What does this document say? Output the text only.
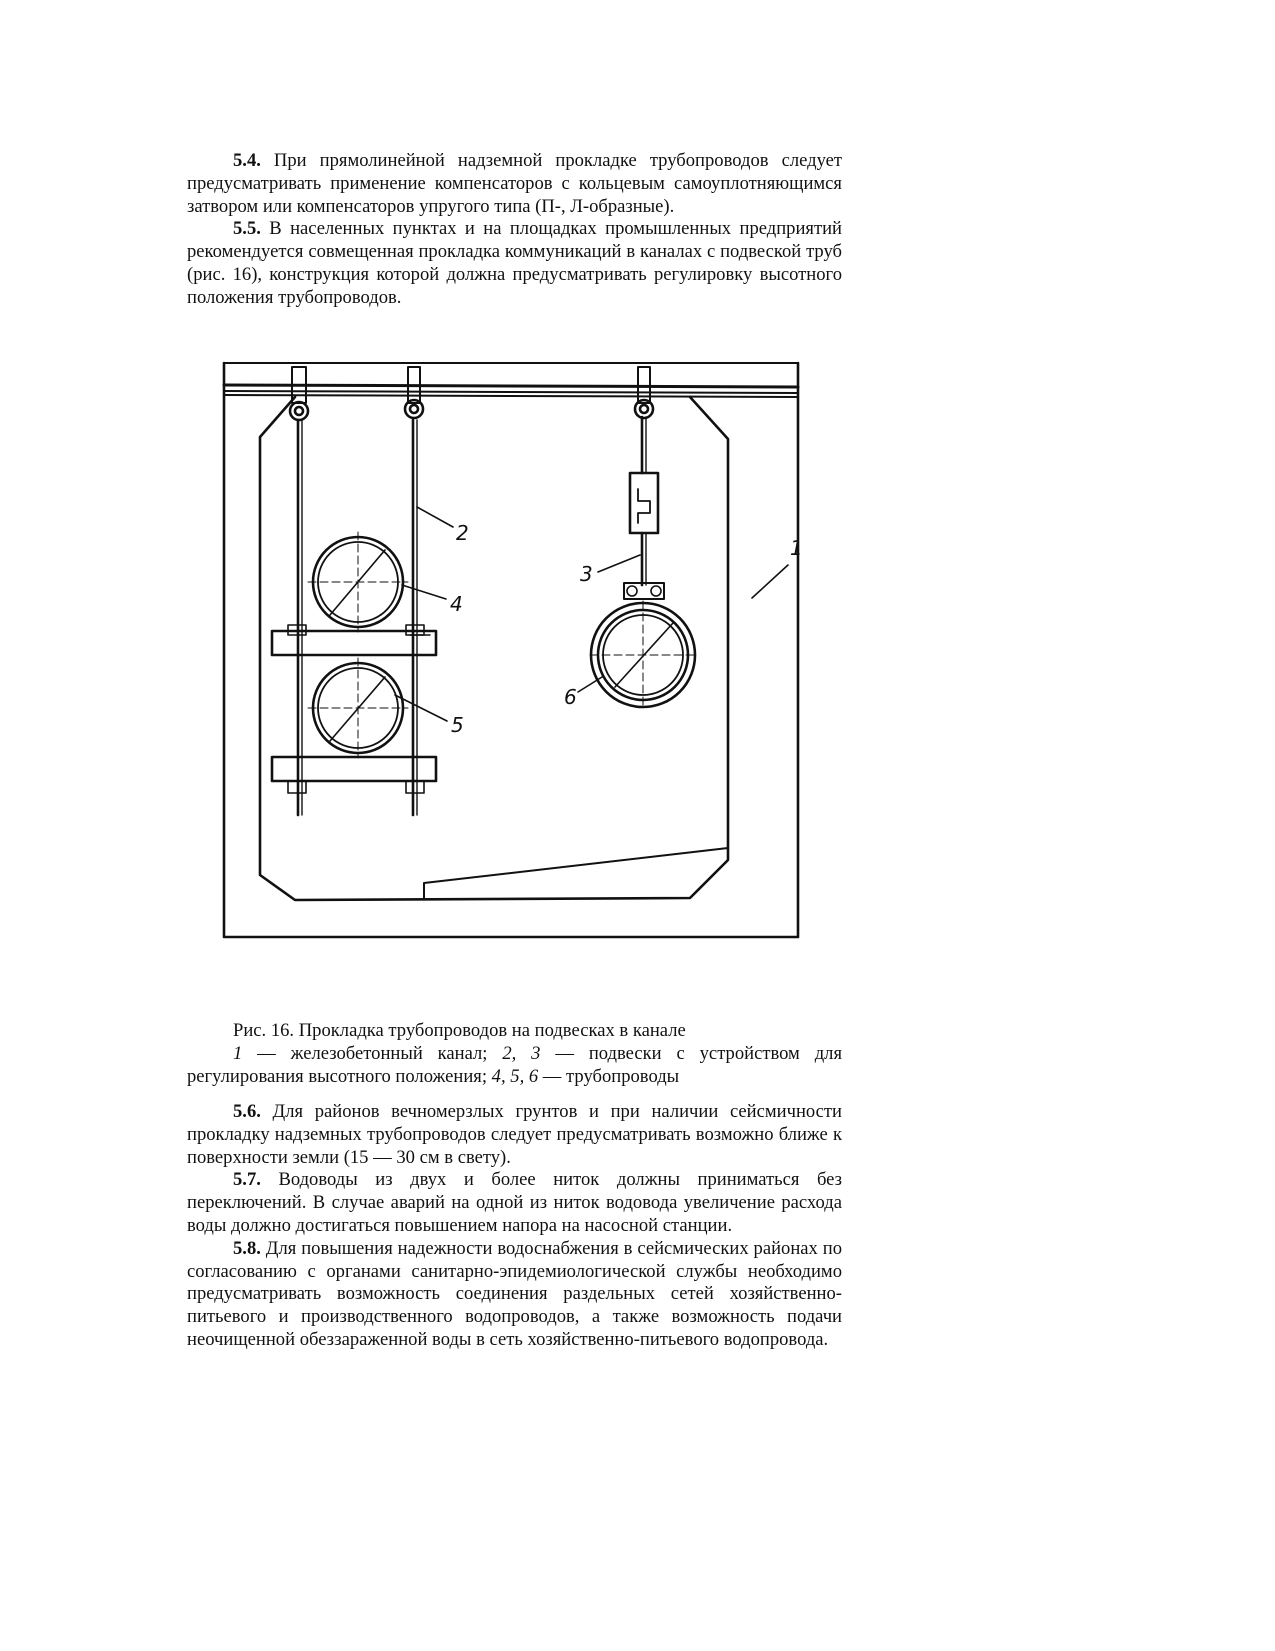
5.4. При прямолинейной надземной прокладке трубопроводов следует предусматривать применение компенсаторов с кольцевым самоуплотняющимся затвором или компенсаторов упругого типа (П-, Л-образные).

5.5. В населенных пунктах и на площадках промышленных предприятий рекомендуется совмещенная прокладка коммуникаций в каналах с подвеской труб (рис. 16), конструкция которой должна предусматривать регулировку высотного положения трубопроводов.

1
2
3
4
5
6

Рис. 16. Прокладка трубопроводов на подвесках в канале

1 — железобетонный канал; 2, 3 — подвески с устройством для регулирования высотного положения; 4, 5, 6 — трубопроводы

5.6. Для районов вечномерзлых грунтов и при наличии сейсмичности прокладку надземных трубопроводов следует предусматривать возможно ближе к поверхности земли (15 — 30 см в свету).

5.7. Водоводы из двух и более ниток должны приниматься без переключений. В случае аварий на одной из ниток водовода увеличение расхода воды должно достигаться повышением напора на насосной станции.

5.8. Для повышения надежности водоснабжения в сейсмических районах по согласованию с органами санитарно-эпидемиологической службы необходимо предусматривать возможность соединения раздельных сетей хозяйственно-питьевого и производственного водопроводов, а также возможность подачи неочищенной обеззараженной воды в сеть хозяйственно-питьевого водопровода.
